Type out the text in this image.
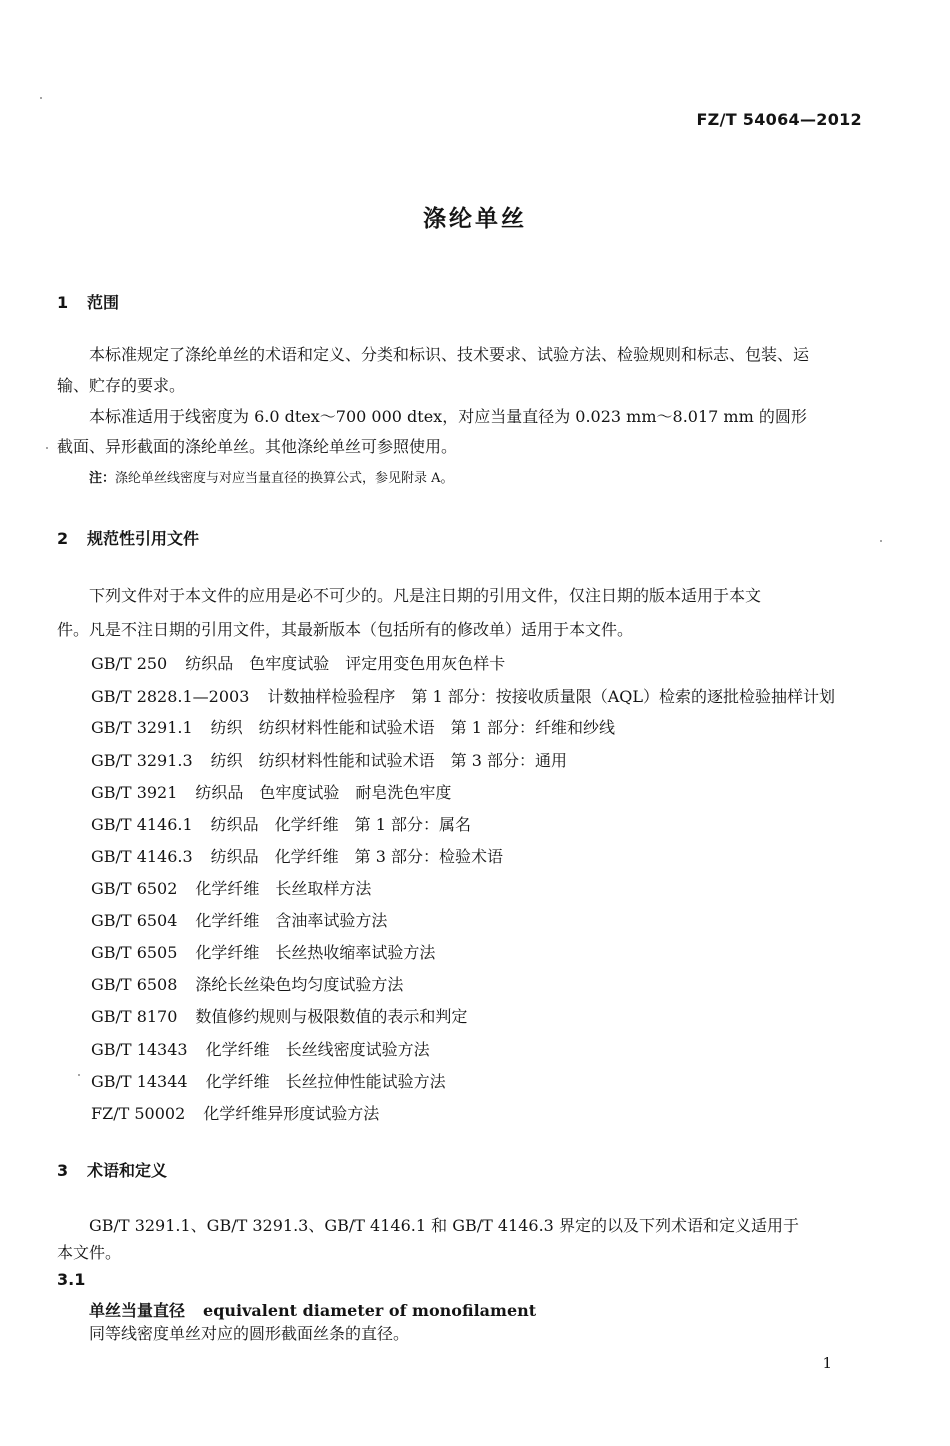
FZ/T 54064—2012
涤纶单丝
1 范围
本标准规定了涤纶单丝的术语和定义、分类和标识、技术要求、试验方法、检验规则和标志、包装、运
输、贮存的要求。
本标准适用于线密度为 6.0 dtex～700 000 dtex，对应当量直径为 0.023 mm～8.017 mm 的圆形
截面、异形截面的涤纶单丝。其他涤纶单丝可参照使用。
注：涤纶单丝线密度与对应当量直径的换算公式，参见附录 A。
2 规范性引用文件
下列文件对于本文件的应用是必不可少的。凡是注日期的引用文件，仅注日期的版本适用于本文
件。凡是不注日期的引用文件，其最新版本（包括所有的修改单）适用于本文件。
GB/T 250 纺织品　色牢度试验　评定用变色用灰色样卡
GB/T 2828.1—2003 计数抽样检验程序　第 1 部分：按接收质量限（AQL）检索的逐批检验抽样计划
GB/T 3291.1 纺织　纺织材料性能和试验术语　第 1 部分：纤维和纱线
GB/T 3291.3 纺织　纺织材料性能和试验术语　第 3 部分：通用
GB/T 3921 纺织品　色牢度试验　耐皂洗色牢度
GB/T 4146.1 纺织品　化学纤维　第 1 部分：属名
GB/T 4146.3 纺织品　化学纤维　第 3 部分：检验术语
GB/T 6502 化学纤维　长丝取样方法
GB/T 6504 化学纤维　含油率试验方法
GB/T 6505 化学纤维　长丝热收缩率试验方法
GB/T 6508 涤纶长丝染色均匀度试验方法
GB/T 8170 数值修约规则与极限数值的表示和判定
GB/T 14343 化学纤维　长丝线密度试验方法
GB/T 14344 化学纤维　长丝拉伸性能试验方法
FZ/T 50002 化学纤维异形度试验方法
3 术语和定义
GB/T 3291.1、GB/T 3291.3、GB/T 4146.1 和 GB/T 4146.3 界定的以及下列术语和定义适用于
本文件。
3.1
单丝当量直径 equivalent diameter of monofilament
同等线密度单丝对应的圆形截面丝条的直径。
1
